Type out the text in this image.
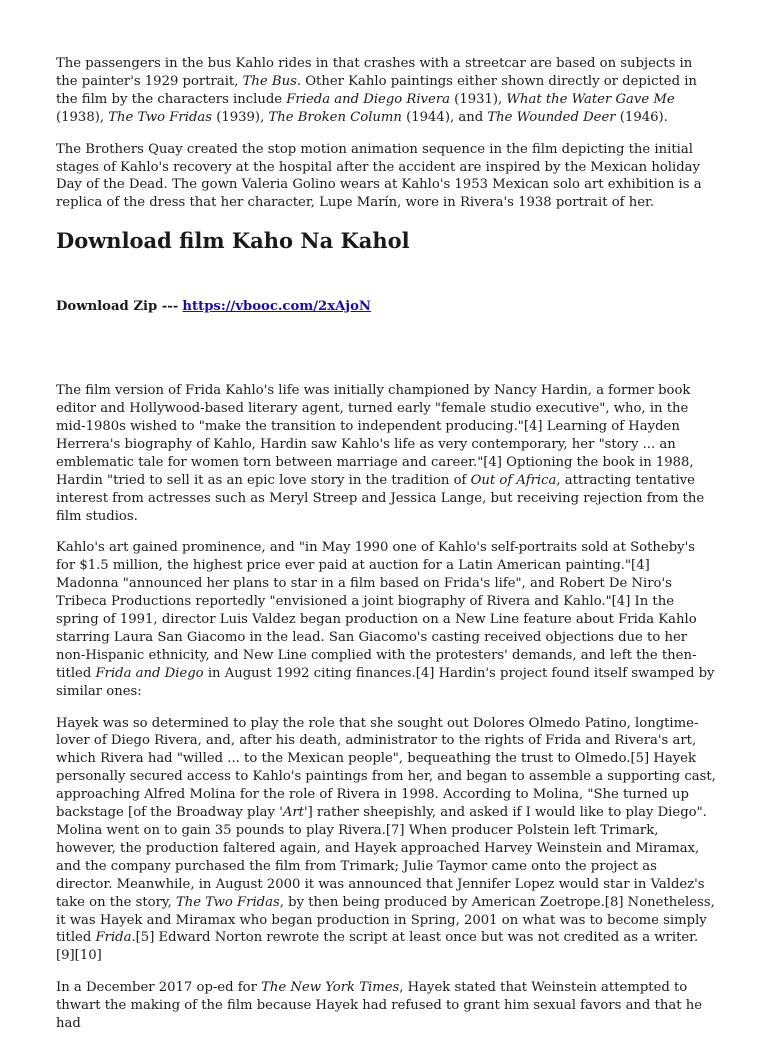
The passengers in the bus Kahlo rides in that crashes with a streetcar are based on subjects in the painter's 1929 portrait, The Bus. Other Kahlo paintings either shown directly or depicted in the film by the characters include Frieda and Diego Rivera (1931), What the Water Gave Me (1938), The Two Fridas (1939), The Broken Column (1944), and The Wounded Deer (1946).

The Brothers Quay created the stop motion animation sequence in the film depicting the initial stages of Kahlo's recovery at the hospital after the accident are inspired by the Mexican holiday Day of the Dead. The gown Valeria Golino wears at Kahlo's 1953 Mexican solo art exhibition is a replica of the dress that her character, Lupe Marín, wore in Rivera's 1938 portrait of her.

Download film Kaho Na Kahol
Download Zip --- https://vbooc.com/2xAjoN

The film version of Frida Kahlo's life was initially championed by Nancy Hardin, a former book editor and Hollywood-based literary agent, turned early "female studio executive", who, in the mid-1980s wished to "make the transition to independent producing."[4] Learning of Hayden Herrera's biography of Kahlo, Hardin saw Kahlo's life as very contemporary, her "story ... an emblematic tale for women torn between marriage and career."[4] Optioning the book in 1988, Hardin "tried to sell it as an epic love story in the tradition of Out of Africa, attracting tentative interest from actresses such as Meryl Streep and Jessica Lange, but receiving rejection from the film studios.

Kahlo's art gained prominence, and "in May 1990 one of Kahlo's self-portraits sold at Sotheby's for $1.5 million, the highest price ever paid at auction for a Latin American painting."[4] Madonna "announced her plans to star in a film based on Frida's life", and Robert De Niro's Tribeca Productions reportedly "envisioned a joint biography of Rivera and Kahlo."[4] In the spring of 1991, director Luis Valdez began production on a New Line feature about Frida Kahlo starring Laura San Giacomo in the lead. San Giacomo's casting received objections due to her non-Hispanic ethnicity, and New Line complied with the protesters' demands, and left the then-titled Frida and Diego in August 1992 citing finances.[4] Hardin's project found itself swamped by similar ones:

Hayek was so determined to play the role that she sought out Dolores Olmedo Patino, longtime-lover of Diego Rivera, and, after his death, administrator to the rights of Frida and Rivera's art, which Rivera had "willed ... to the Mexican people", bequeathing the trust to Olmedo.[5] Hayek personally secured access to Kahlo's paintings from her, and began to assemble a supporting cast, approaching Alfred Molina for the role of Rivera in 1998. According to Molina, "She turned up backstage [of the Broadway play 'Art'] rather sheepishly, and asked if I would like to play Diego". Molina went on to gain 35 pounds to play Rivera.[7] When producer Polstein left Trimark, however, the production faltered again, and Hayek approached Harvey Weinstein and Miramax, and the company purchased the film from Trimark; Julie Taymor came onto the project as director. Meanwhile, in August 2000 it was announced that Jennifer Lopez would star in Valdez's take on the story, The Two Fridas, by then being produced by American Zoetrope.[8] Nonetheless, it was Hayek and Miramax who began production in Spring, 2001 on what was to become simply titled Frida.[5] Edward Norton rewrote the script at least once but was not credited as a writer.[9][10]

In a December 2017 op-ed for The New York Times, Hayek stated that Weinstein attempted to thwart the making of the film because Hayek had refused to grant him sexual favors and that he had
